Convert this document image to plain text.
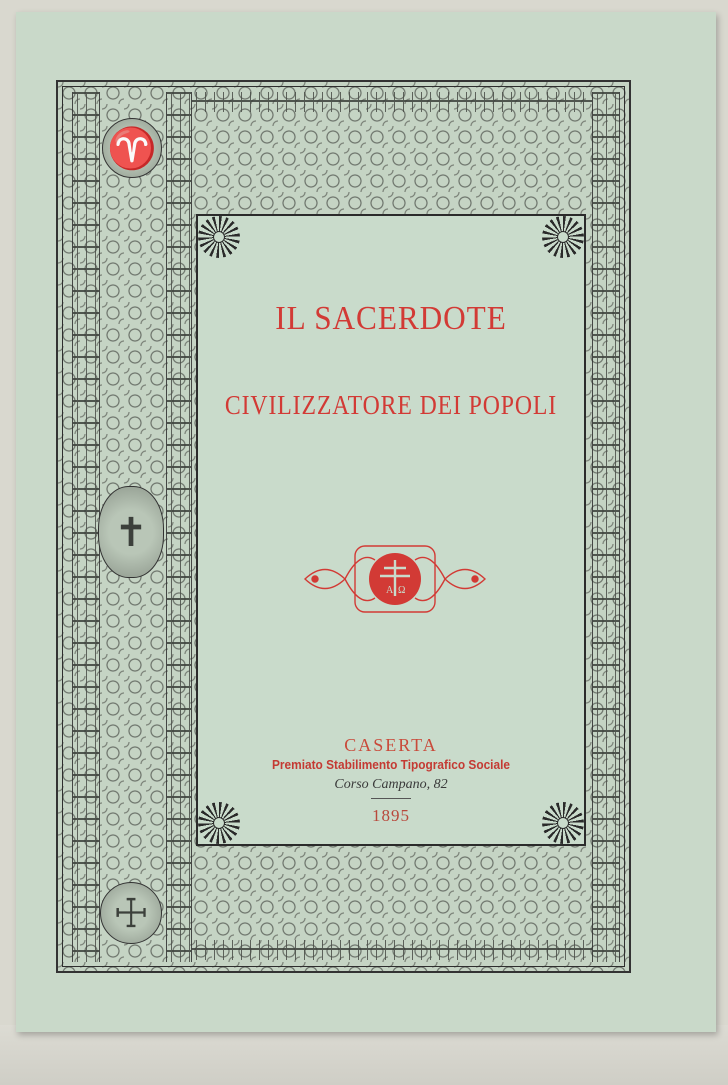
♈
✝
☩
IL SACERDOTE
CIVILIZZATORE DEI POPOLI
A Ω

CASERTA

Premiato Stabilimento Tipografico Sociale

Corso Campano, 82

1895
